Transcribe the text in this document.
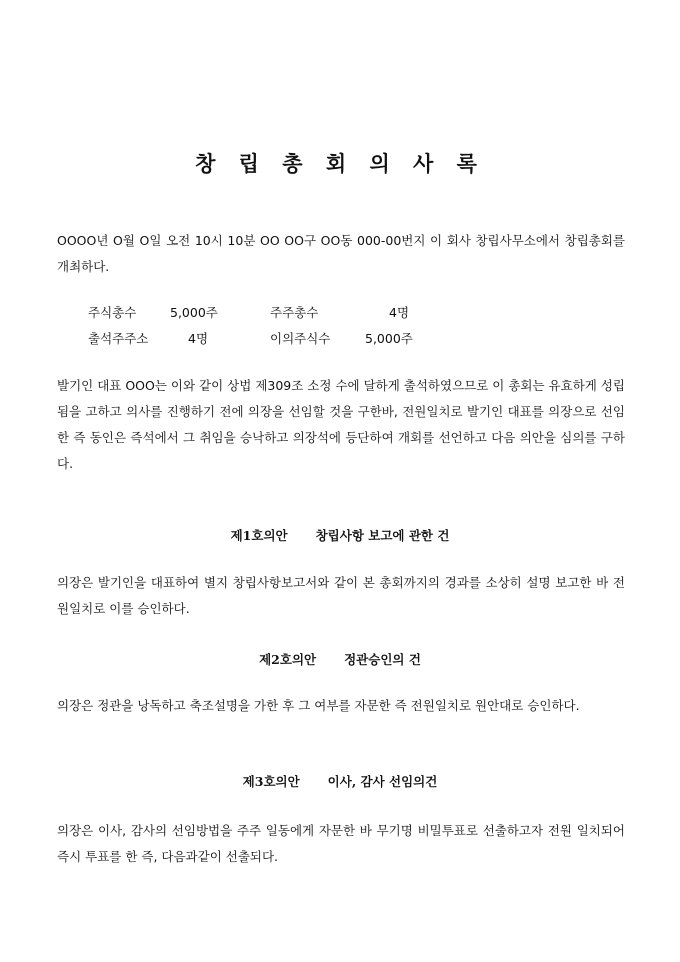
창 립 총 회 의 사 록

OOOO년 O월 O일 오전 10시 10분 OO OO구 OO동 000-00번지 이 회사 창립사무소에서 창립총회를 개최하다.

주식총수	5,000주	주주총수	4명
출석주주소	4명	이의주식수	5,000주

발기인 대표 OOO는 이와 같이 상법 제309조 소정 수에 달하게 출석하였으므로 이 총회는 유효하게 성립됨을 고하고 의사를 진행하기 전에 의장을 선임할 것을 구한바, 전원일치로 발기인 대표를 의장으로 선임한 즉 동인은 즉석에서 그 취임을 승낙하고 의장석에 등단하여 개회를 선언하고 다음 의안을 심의를 구하다.

제1호의안 창립사항 보고에 관한 건

의장은 발기인을 대표하여 별지 창립사항보고서와 같이 본 총회까지의 경과를 소상히 설명 보고한 바 전원일치로 이를 승인하다.

제2호의안 정관승인의 건

의장은 정관을 낭독하고 축조설명을 가한 후 그 여부를 자문한 즉 전원일치로 원안대로 승인하다.

제3호의안 이사, 감사 선임의건

의장은 이사, 감사의 선임방법을 주주 일동에게 자문한 바 무기명 비밀투표로 선출하고자 전원 일치되어 즉시 투표를 한 즉, 다음과같이 선출되다.
